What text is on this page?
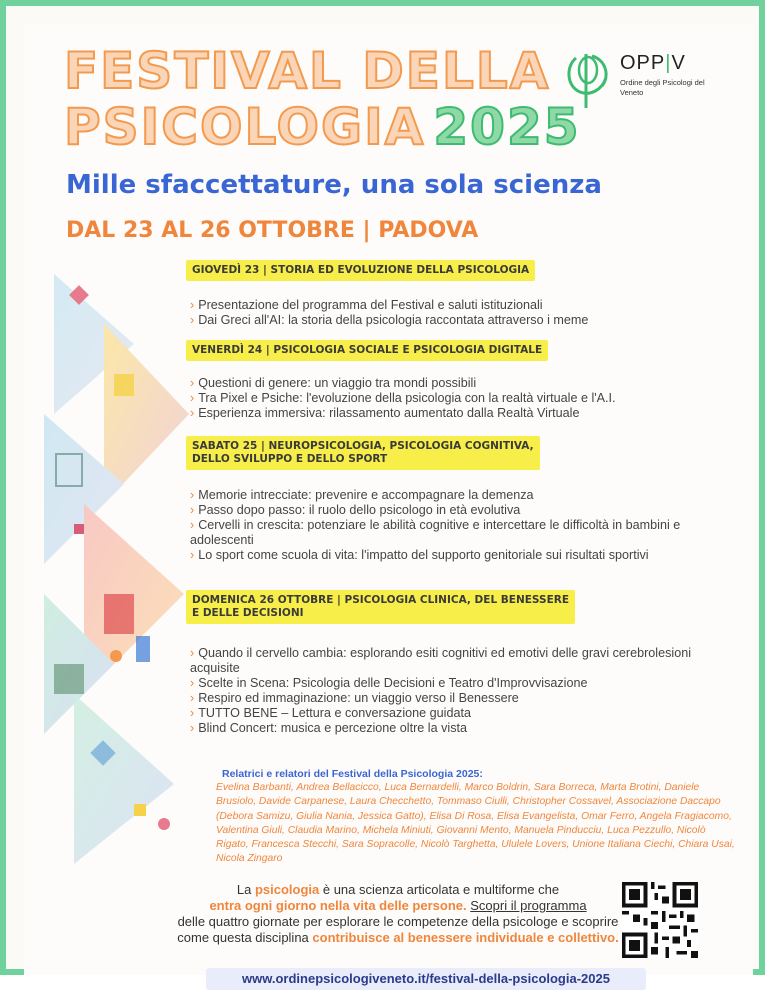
FESTIVAL DELLA
PSICOLOGIA 2025
Mille sfaccettature, una sola scienza
DAL 23 AL 26 OTTOBRE | PADOVA
OPP|V
Ordine degli Psicologi del Veneto
GIOVEDÌ 23 | STORIA ED EVOLUZIONE DELLA PSICOLOGIA
› Presentazione del programma del Festival e saluti istituzionali
› Dai Greci all'AI: la storia della psicologia raccontata attraverso i meme
VENERDÌ 24 | PSICOLOGIA SOCIALE E PSICOLOGIA DIGITALE
› Questioni di genere: un viaggio tra mondi possibili
› Tra Pixel e Psiche: l'evoluzione della psicologia con la realtà virtuale e l'A.I.
› Esperienza immersiva: rilassamento aumentato dalla Realtà Virtuale
SABATO 25 | NEUROPSICOLOGIA, PSICOLOGIA COGNITIVA,
DELLO SVILUPPO E DELLO SPORT
› Memorie intrecciate: prevenire e accompagnare la demenza
› Passo dopo passo: il ruolo dello psicologo in età evolutiva
› Cervelli in crescita: potenziare le abilità cognitive e intercettare le difficoltà in bambini e adolescenti
› Lo sport come scuola di vita: l'impatto del supporto genitoriale sui risultati sportivi
DOMENICA 26 OTTOBRE | PSICOLOGIA CLINICA, DEL BENESSERE
E DELLE DECISIONI
› Quando il cervello cambia: esplorando esiti cognitivi ed emotivi delle gravi cerebrolesioni acquisite
› Scelte in Scena: Psicologia delle Decisioni e Teatro d'Improvvisazione
› Respiro ed immaginazione: un viaggio verso il Benessere
› TUTTO BENE – Lettura e conversazione guidata
› Blind Concert: musica e percezione oltre la vista
Relatrici e relatori del Festival della Psicologia 2025:
Evelina Barbanti, Andrea Bellacicco, Luca Bernardelli, Marco Boldrin, Sara Borreca, Marta Brotini, Daniele Brusiolo, Davide Carpanese, Laura Checchetto, Tommaso Ciulli, Christopher Cossavel, Associazione Daccapo (Debora Samizu, Giulia Nania, Jessica Gatto), Elisa Di Rosa, Elisa Evangelista, Omar Ferro, Angela Fragiacomo, Valentina Giuli, Claudia Marino, Michela Miniuti, Giovanni Mento, Manuela Pinducciu, Luca Pezzullo, Nicolò Rigato, Francesca Stecchi, Sara Sopracolle, Nicolò Targhetta, Ululele Lovers, Unione Italiana Ciechi, Chiara Usai, Nicola Zingaro
La psicologia è una scienza articolata e multiforme che
entra ogni giorno nella vita delle persone. Scopri il programma
delle quattro giornate per esplorare le competenze della psicologe e scoprire come questa disciplina contribuisce al benessere individuale e collettivo.
www.ordinepsicologiveneto.it/festival-della-psicologia-2025
